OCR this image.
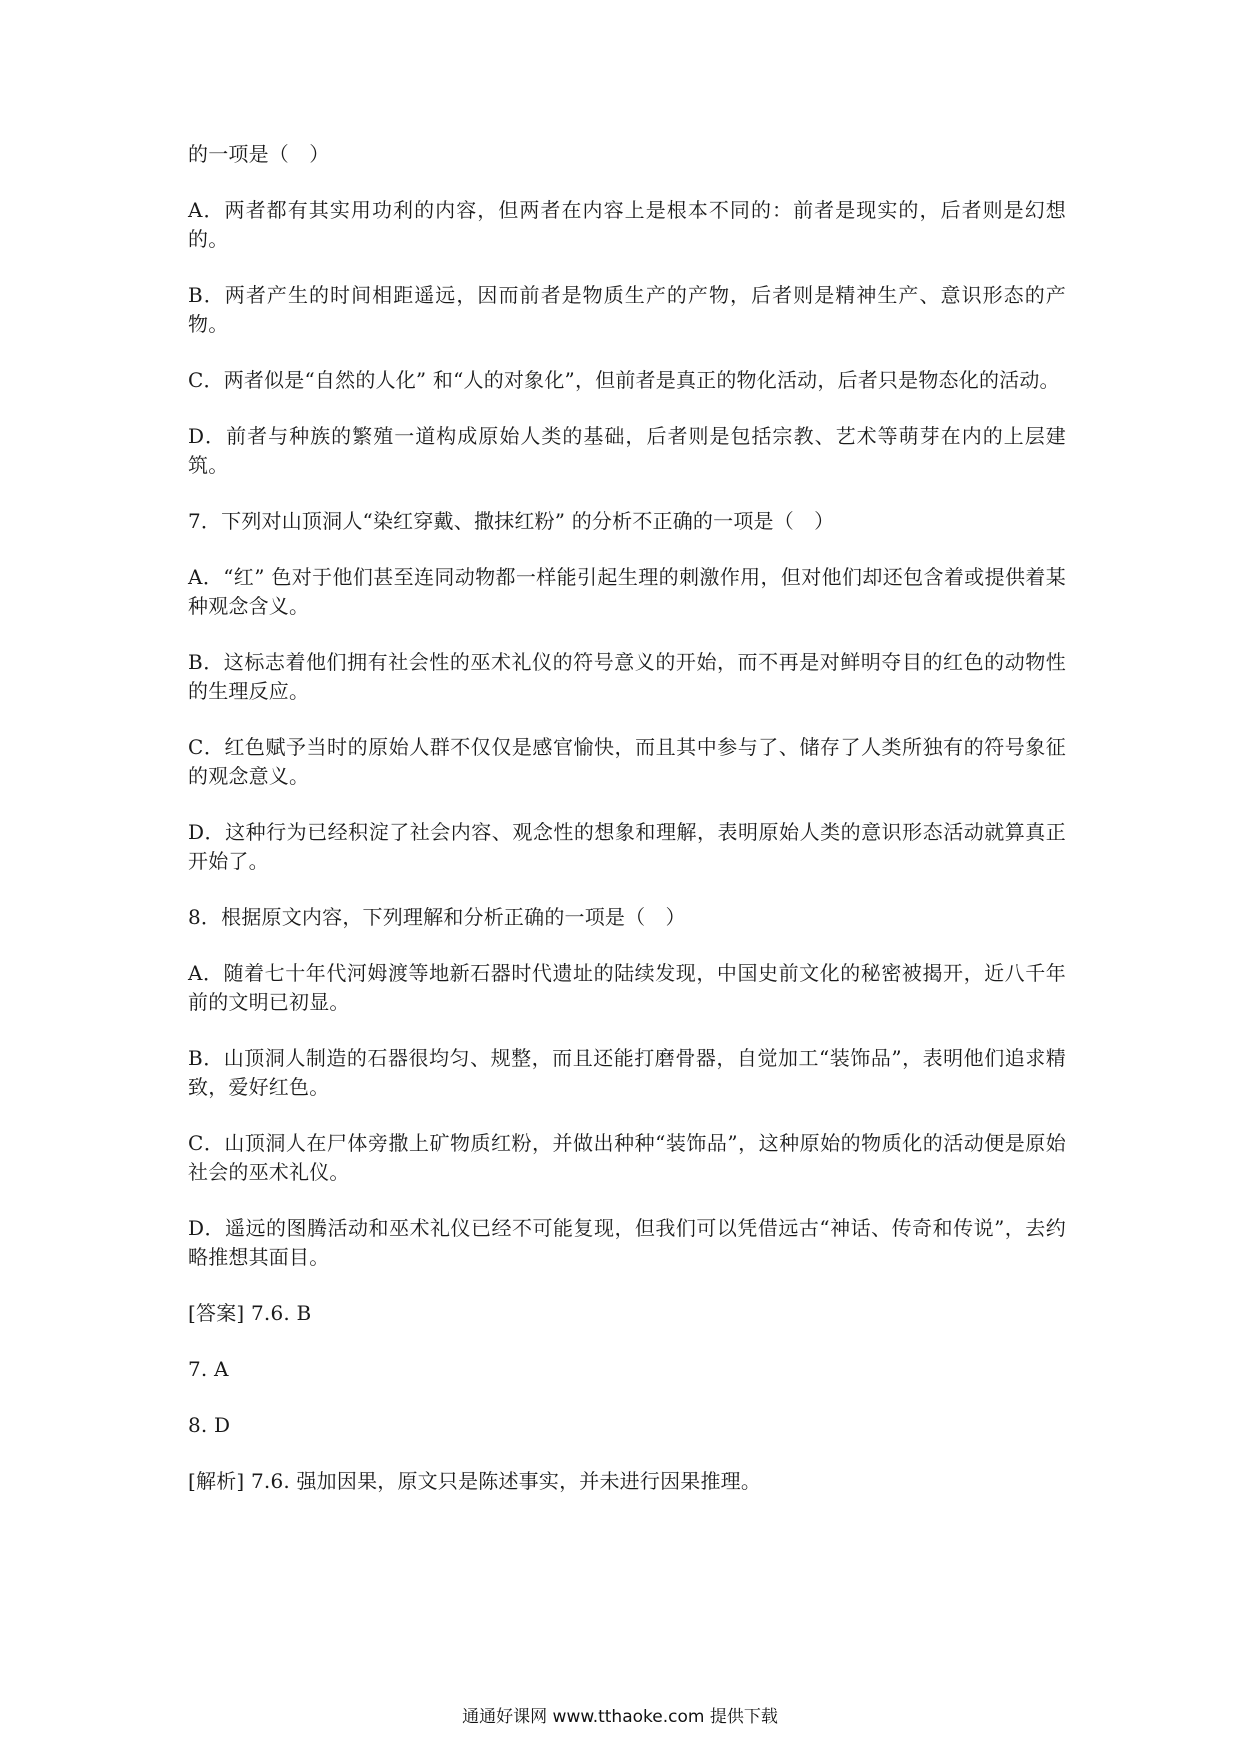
的一项是（　）

A．两者都有其实用功利的内容，但两者在内容上是根本不同的：前者是现实的，后者则是幻想的。

B．两者产生的时间相距遥远，因而前者是物质生产的产物，后者则是精神生产、意识形态的产物。

C．两者似是“自然的人化” 和“人的对象化”，但前者是真正的物化活动，后者只是物态化的活动。

D．前者与种族的繁殖一道构成原始人类的基础，后者则是包括宗教、艺术等萌芽在内的上层建筑。

7．下列对山顶洞人“染红穿戴、撒抹红粉” 的分析不正确的一项是（　）

A．“红” 色对于他们甚至连同动物都一样能引起生理的刺激作用，但对他们却还包含着或提供着某种观念含义。

B．这标志着他们拥有社会性的巫术礼仪的符号意义的开始，而不再是对鲜明夺目的红色的动物性的生理反应。

C．红色赋予当时的原始人群不仅仅是感官愉快，而且其中参与了、储存了人类所独有的符号象征的观念意义。

D．这种行为已经积淀了社会内容、观念性的想象和理解，表明原始人类的意识形态活动就算真正开始了。

8．根据原文内容，下列理解和分析正确的一项是（　）

A．随着七十年代河姆渡等地新石器时代遗址的陆续发现，中国史前文化的秘密被揭开，近八千年前的文明已初显。

B．山顶洞人制造的石器很均匀、规整，而且还能打磨骨器，自觉加工“装饰品”，表明他们追求精致，爱好红色。

C．山顶洞人在尸体旁撒上矿物质红粉，并做出种种“装饰品”，这种原始的物质化的活动便是原始社会的巫术礼仪。

D．遥远的图腾活动和巫术礼仪已经不可能复现，但我们可以凭借远古“神话、传奇和传说”，去约略推想其面目。

[答案] 7.6. B

7. A

8. D

[解析] 7.6. 强加因果，原文只是陈述事实，并未进行因果推理。

通通好课网 www.tthaoke.com 提供下载
